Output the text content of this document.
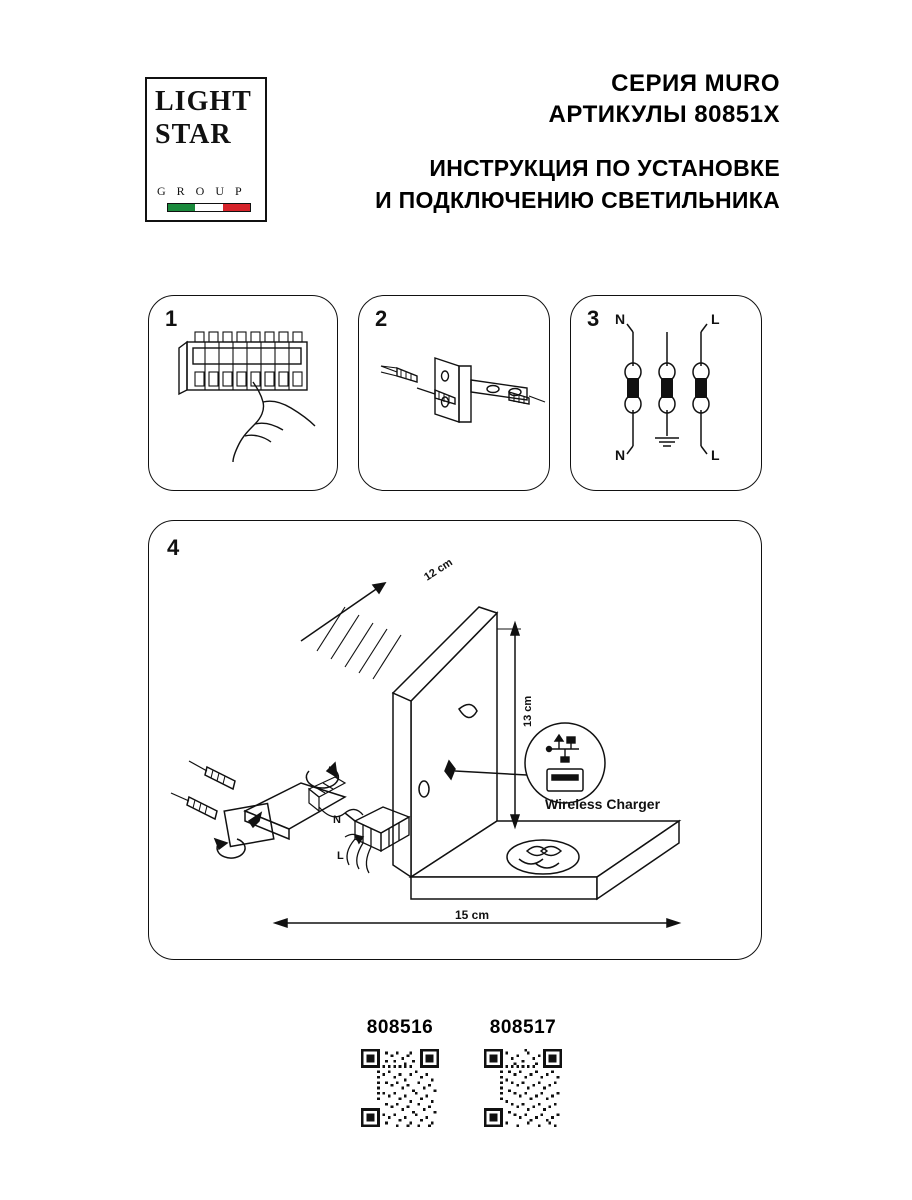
LIGHT
STAR
G R O U P
СЕРИЯ MURO
АРТИКУЛЫ 80851X
ИНСТРУКЦИЯ ПО УСТАНОВКЕ
И ПОДКЛЮЧЕНИЮ СВЕТИЛЬНИКА
1	2	3 N	L
N	L
4
N
L
12 cm
13 cm
15 cm
Wireless Charger
808516	808517
